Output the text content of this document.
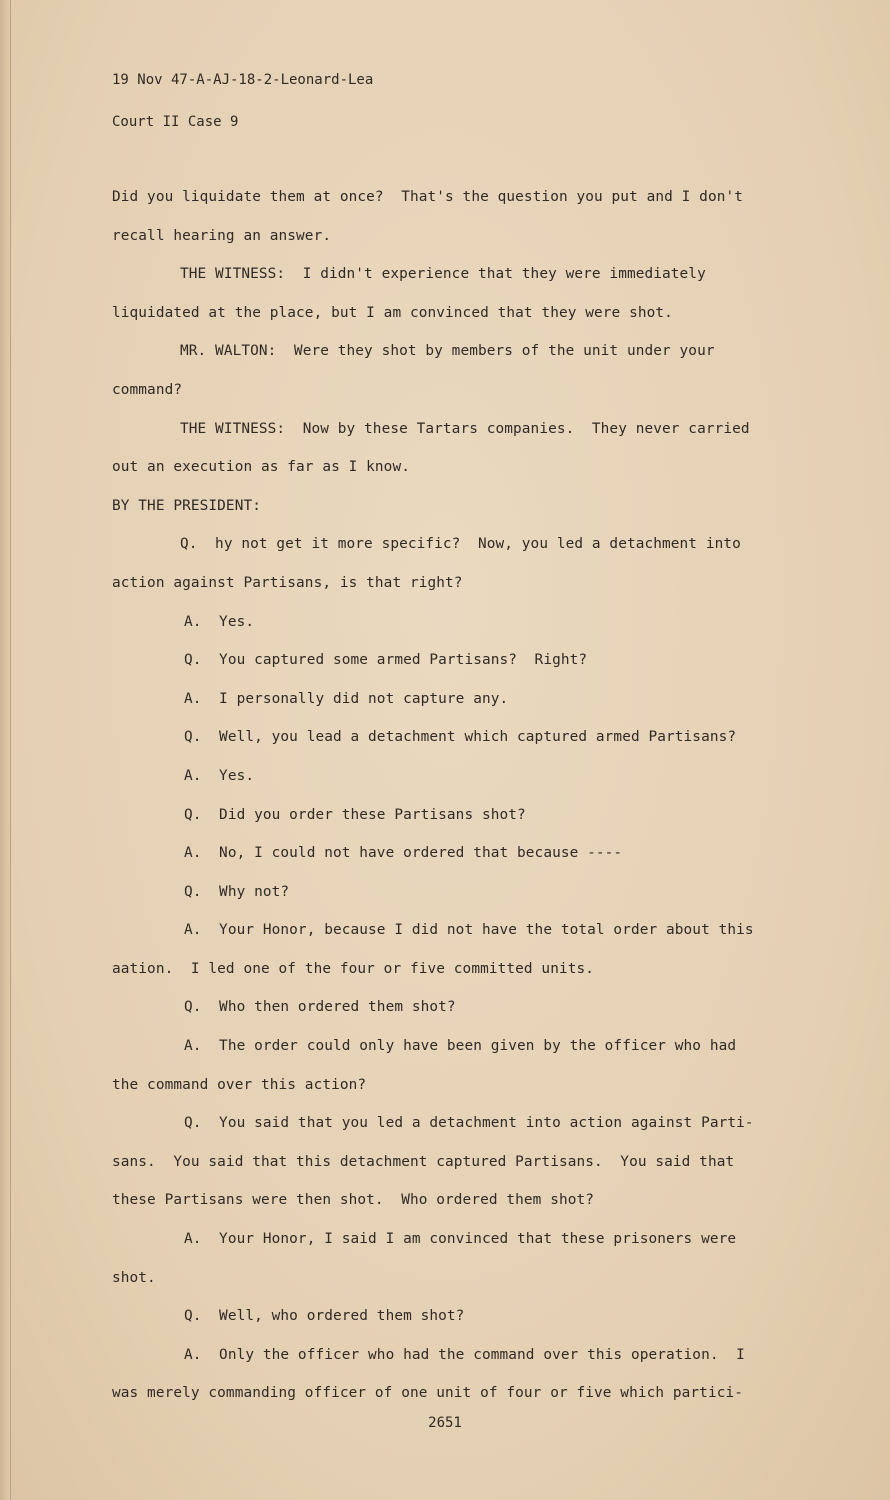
19 Nov 47-A-AJ-18-2-Leonard-Lea
Court II Case 9
Did you liquidate them at once?  That's the question you put and I don't
recall hearing an answer.
THE WITNESS:  I didn't experience that they were immediately
liquidated at the place, but I am convinced that they were shot.
MR. WALTON:  Were they shot by members of the unit under your
command?
THE WITNESS:  Now by these Tartars companies.  They never carried
out an execution as far as I know.
BY THE PRESIDENT:
Q.  hy not get it more specific?  Now, you led a detachment into
action against Partisans, is that right?
A.  Yes.
Q.  You captured some armed Partisans?  Right?
A.  I personally did not capture any.
Q.  Well, you lead a detachment which captured armed Partisans?
A.  Yes.
Q.  Did you order these Partisans shot?
A.  No, I could not have ordered that because ----
Q.  Why not?
A.  Your Honor, because I did not have the total order about this
aation.  I led one of the four or five committed units.
Q.  Who then ordered them shot?
A.  The order could only have been given by the officer who had
the command over this action?
Q.  You said that you led a detachment into action against Parti-
sans.  You said that this detachment captured Partisans.  You said that
these Partisans were then shot.  Who ordered them shot?
A.  Your Honor, I said I am convinced that these prisoners were
shot.
Q.  Well, who ordered them shot?
A.  Only the officer who had the command over this operation.  I
was merely commanding officer of one unit of four or five which partici-
2651
